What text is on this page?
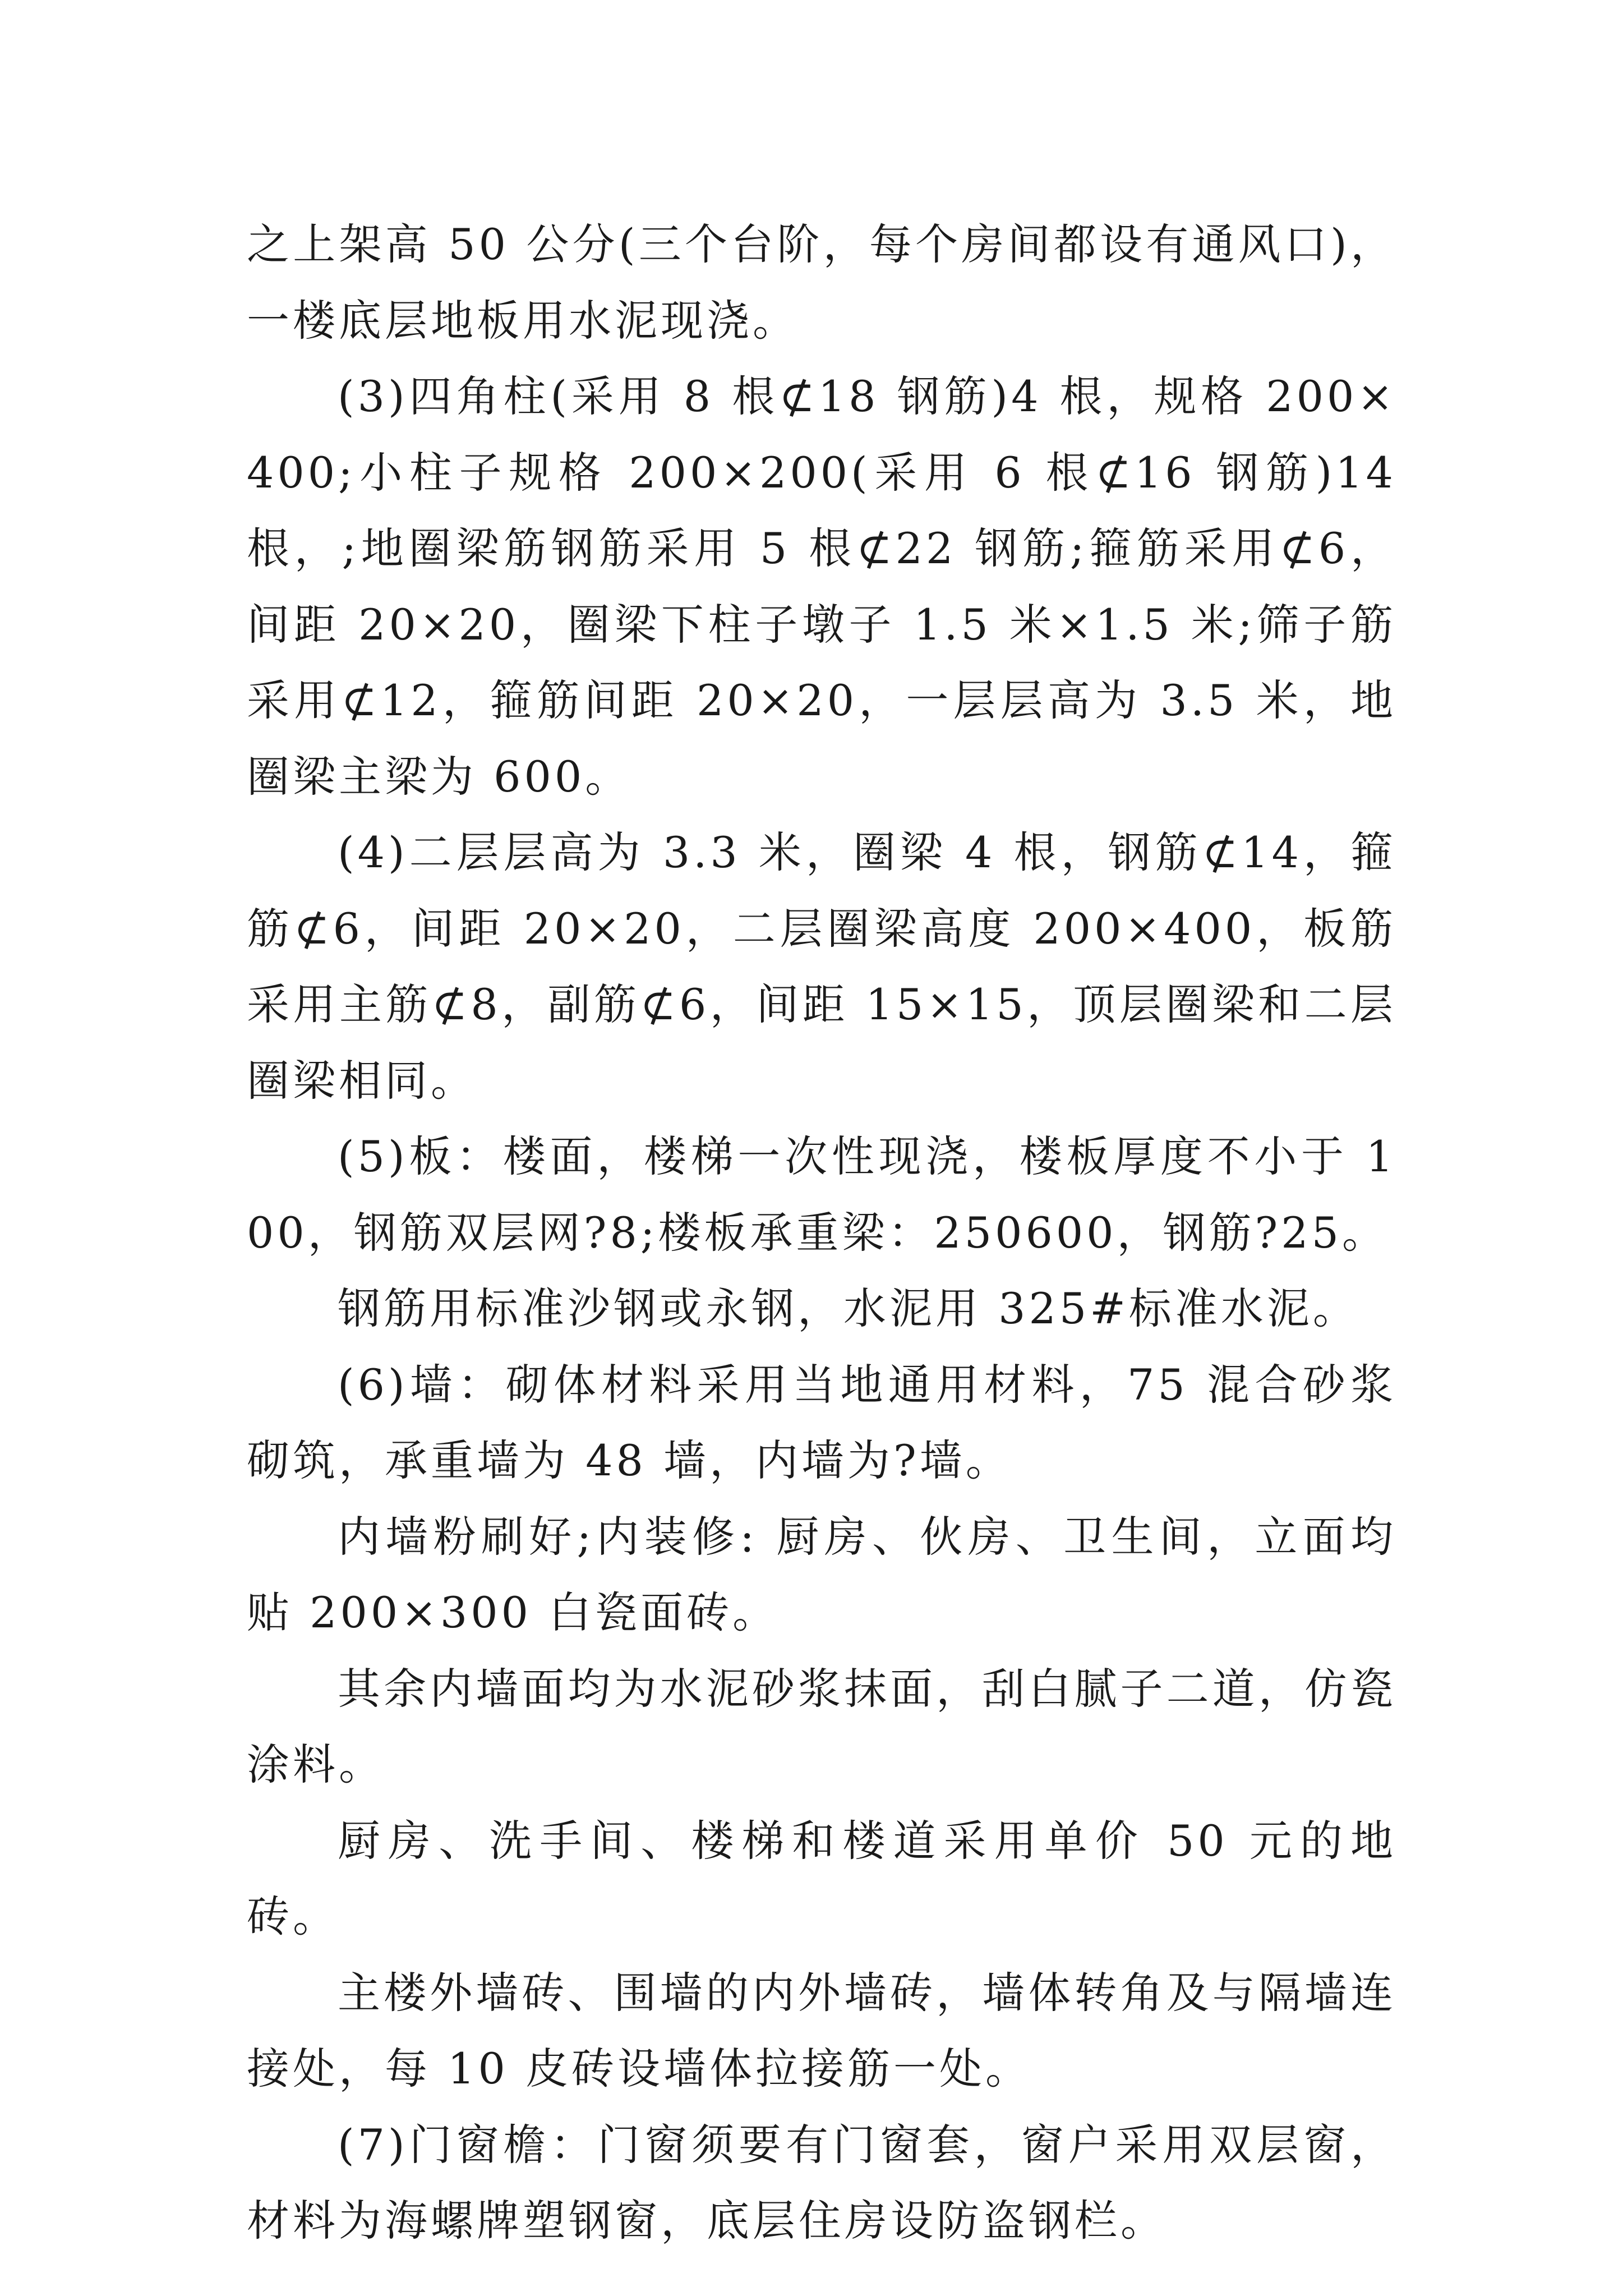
之上架高 50 公分(三个台阶，每个房间都设有通风口)，一楼底层地板用水泥现浇。

(3)四角柱(采用 8 根⊄18 钢筋)4 根，规格 200×400;小柱子规格 200×200(采用 6 根⊄16 钢筋)14 根，;地圈梁筋钢筋采用 5 根⊄22 钢筋;箍筋采用⊄6，间距 20×20，圈梁下柱子墩子 1.5 米×1.5 米;筛子筋采用⊄12，箍筋间距 20×20，一层层高为 3.5 米，地圈梁主梁为 600。

(4)二层层高为 3.3 米，圈梁 4 根，钢筋⊄14，箍筋⊄6，间距 20×20，二层圈梁高度 200×400，板筋采用主筋⊄8，副筋⊄6，间距 15×15，顶层圈梁和二层圈梁相同。

(5)板：楼面，楼梯一次性现浇，楼板厚度不小于 100，钢筋双层网?8;楼板承重梁：250600，钢筋?25。

钢筋用标准沙钢或永钢，水泥用 325#标准水泥。

(6)墙：砌体材料采用当地通用材料，75 混合砂浆砌筑，承重墙为 48 墙，内墙为?墙。

内墙粉刷好;内装修: 厨房、伙房、卫生间，立面均贴 200×300 白瓷面砖。

其余内墙面均为水泥砂浆抹面，刮白腻子二道，仿瓷涂料。

厨房、洗手间、楼梯和楼道采用单价 50 元的地砖。

主楼外墙砖、围墙的内外墙砖，墙体转角及与隔墙连接处，每 10 皮砖设墙体拉接筋一处。

(7)门窗檐：门窗须要有门窗套，窗户采用双层窗，材料为海螺牌塑钢窗，底层住房设防盗钢栏。
